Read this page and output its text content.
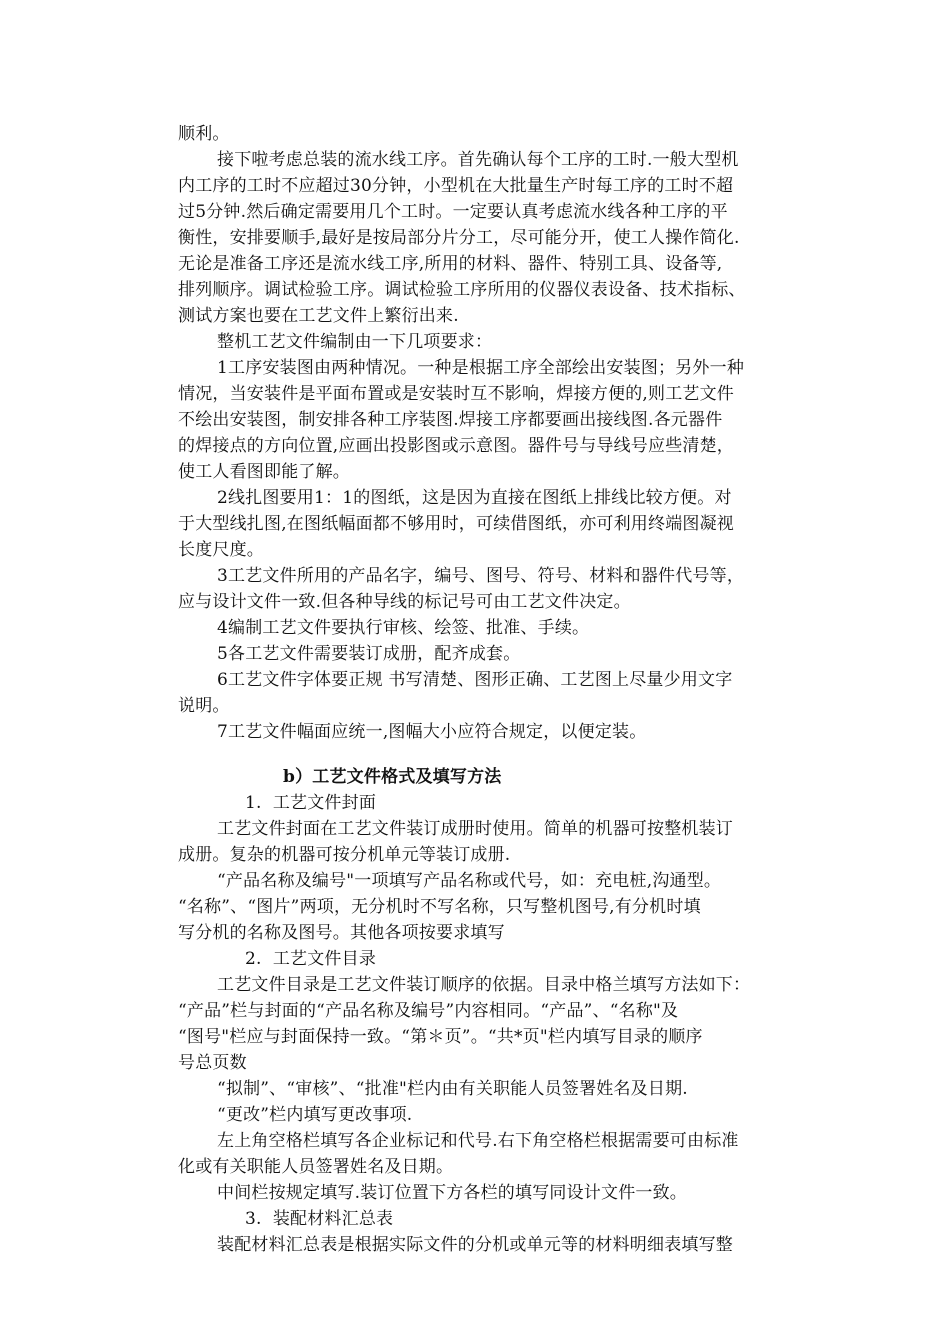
顺利。
接下啦考虑总装的流水线工序。首先确认每个工序的工时.一般大型机
内工序的工时不应超过30分钟，小型机在大批量生产时每工序的工时不超
过5分钟.然后确定需要用几个工时。一定要认真考虑流水线各种工序的平
衡性，安排要顺手,最好是按局部分片分工，尽可能分开，使工人操作简化.
无论是准备工序还是流水线工序,所用的材料、器件、特别工具、设备等,
排列顺序。调试检验工序。调试检验工序所用的仪器仪表设备、技术指标、
测试方案也要在工艺文件上繁衍出来.
整机工艺文件编制由一下几项要求：
1工序安装图由两种情况。一种是根据工序全部绘出安装图；另外一种
情况，当安装件是平面布置或是安装时互不影响，焊接方便的,则工艺文件
不绘出安装图，制安排各种工序装图.焊接工序都要画出接线图.各元器件
的焊接点的方向位置,应画出投影图或示意图。器件号与导线号应些清楚，
使工人看图即能了解。
2线扎图要用1：1的图纸，这是因为直接在图纸上排线比较方便。对
于大型线扎图,在图纸幅面都不够用时，可续借图纸，亦可利用终端图凝视
长度尺度。
3工艺文件所用的产品名字，编号、图号、符号、材料和器件代号等，
应与设计文件一致.但各种导线的标记号可由工艺文件决定。
4编制工艺文件要执行审核、绘签、批准、手续。
5各工艺文件需要装订成册，配齐成套。
6工艺文件字体要正规 书写清楚、图形正确、工艺图上尽量少用文字
说明。
7工艺文件幅面应统一,图幅大小应符合规定，以便定装。
b）工艺文件格式及填写方法
1.  工艺文件封面
工艺文件封面在工艺文件装订成册时使用。简单的机器可按整机装订
成册。复杂的机器可按分机单元等装订成册.
“产品名称及编号"一项填写产品名称或代号，如：充电桩,沟通型。
“名称”、“图片”两项，无分机时不写名称，只写整机图号,有分机时填
写分机的名称及图号。其他各项按要求填写
2.  工艺文件目录
工艺文件目录是工艺文件装订顺序的依据。目录中格兰填写方法如下：
“产品”栏与封面的“产品名称及编号”内容相同。“产品”、“名称"及
“图号"栏应与封面保持一致。“第＊页”。“共*页"栏内填写目录的顺序
号总页数
“拟制”、“审核”、“批准"栏内由有关职能人员签署姓名及日期.
“更改”栏内填写更改事项.
左上角空格栏填写各企业标记和代号.右下角空格栏根据需要可由标准
化或有关职能人员签署姓名及日期。
中间栏按规定填写.装订位置下方各栏的填写同设计文件一致。
3.  装配材料汇总表
装配材料汇总表是根据实际文件的分机或单元等的材料明细表填写整
